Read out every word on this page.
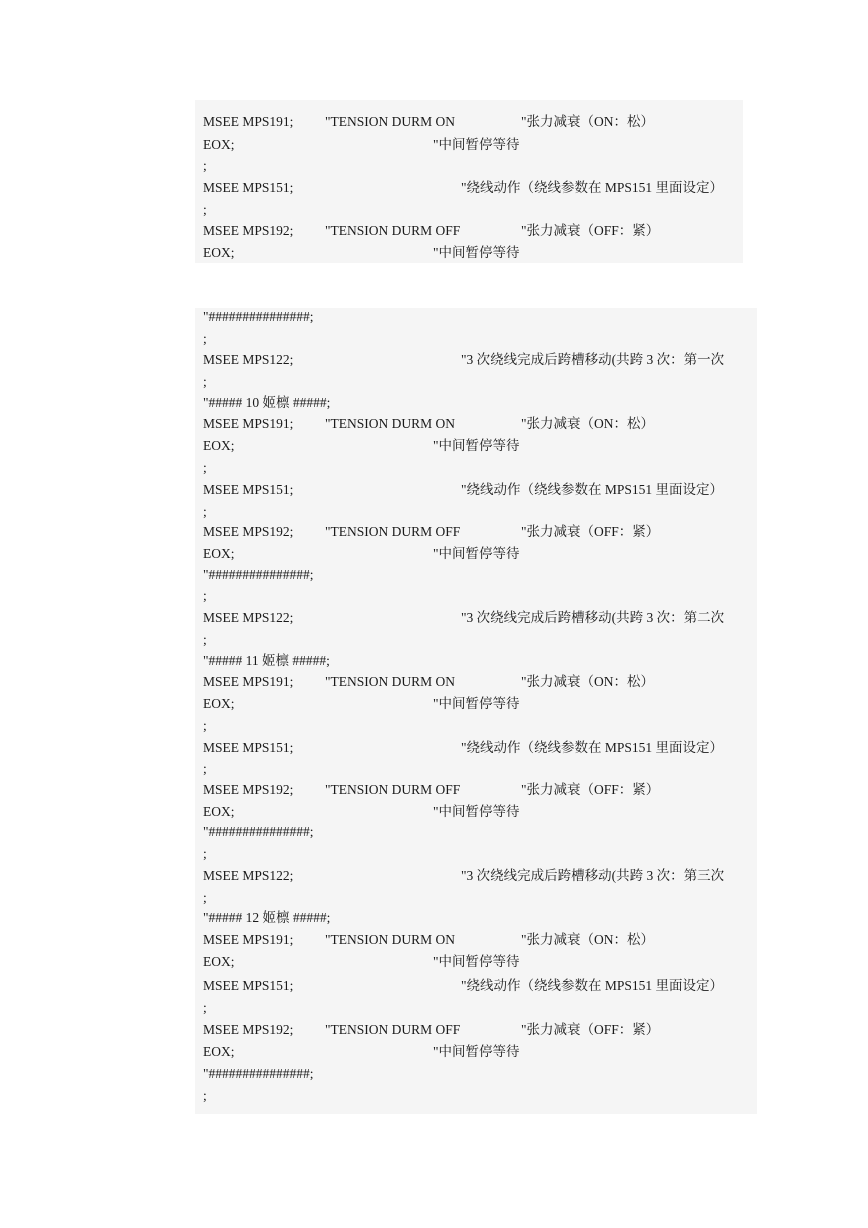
MSEE MPS191; "TENSION DURM ON	"张力减衰（ON：松）
EOX;	"中间暂停等待
;
MSEE MPS151;	"绕线动作（绕线参数在 MPS151 里面设定）
;
MSEE MPS192; "TENSION DURM OFF	"张力减衰（OFF：紧）
EOX;	"中间暂停等待
"###############;
;
MSEE MPS122;	"3 次绕线完成后跨槽移动(共跨 3 次：第一次
;
"##### 10 姬檩 #####;
MSEE MPS191; "TENSION DURM ON	"张力减衰（ON：松）
EOX;	"中间暂停等待
;
MSEE MPS151;	"绕线动作（绕线参数在 MPS151 里面设定）
;
MSEE MPS192; "TENSION DURM OFF	"张力减衰（OFF：紧）
EOX;	"中间暂停等待
"###############;
;
MSEE MPS122;	"3 次绕线完成后跨槽移动(共跨 3 次：第二次
;
"##### 11 姬檩 #####;
MSEE MPS191; "TENSION DURM ON	"张力减衰（ON：松）
EOX;	"中间暂停等待
;
MSEE MPS151;	"绕线动作（绕线参数在 MPS151 里面设定）
;
MSEE MPS192; "TENSION DURM OFF	"张力减衰（OFF：紧）
EOX;	"中间暂停等待
"###############;
;
MSEE MPS122;	"3 次绕线完成后跨槽移动(共跨 3 次：第三次
;
"##### 12 姬檩 #####;
MSEE MPS191; "TENSION DURM ON	"张力减衰（ON：松）
EOX;	"中间暂停等待
MSEE MPS151;	"绕线动作（绕线参数在 MPS151 里面设定）
;
MSEE MPS192; "TENSION DURM OFF	"张力减衰（OFF：紧）
EOX;	"中间暂停等待
"###############;
;
